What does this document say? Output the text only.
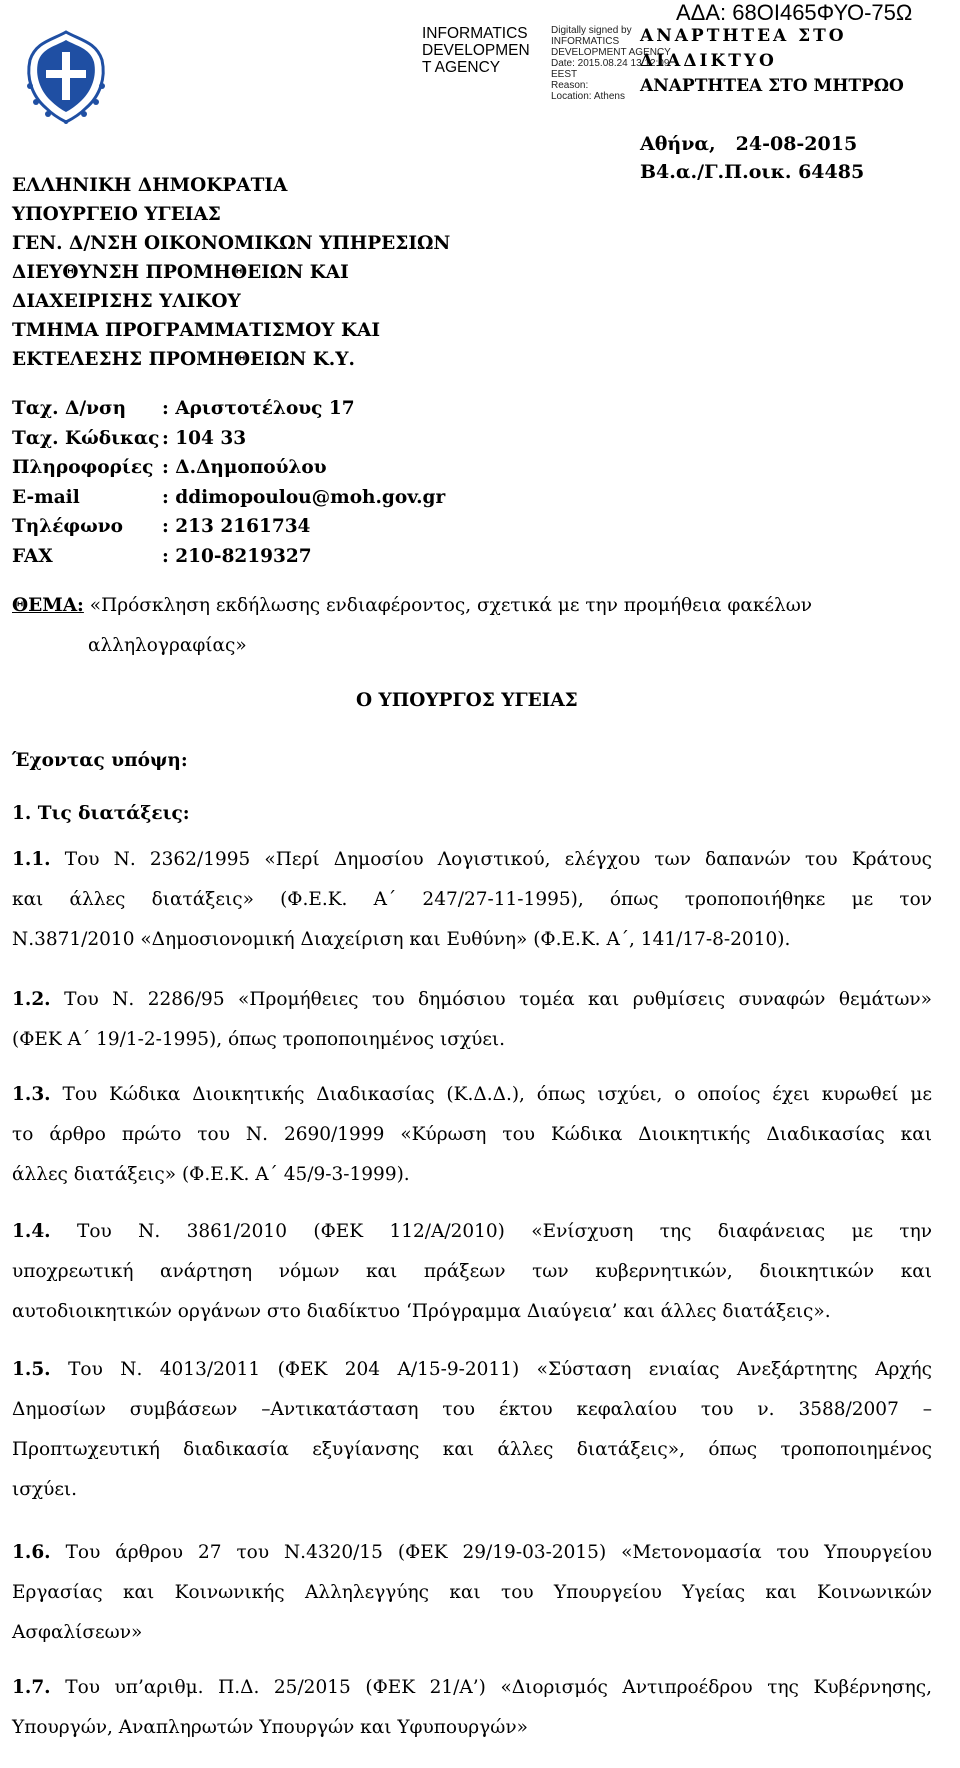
ΑΔΑ: 68ΟΙ465ΦΥΟ-75Ω
INFORMATICS
DEVELOPMEN
T AGENCY
Digitally signed by
INFORMATICS
DEVELOPMENT AGENCY
Date: 2015.08.24 13:12:09
EEST
Reason:
Location: Athens
ΑΝΑΡΤΗΤΕΑ ΣΤΟ
ΔΙΑΔΙΚΤΥΟ
ΑΝΑΡΤΗΤΕΑ ΣΤΟ ΜΗΤΡΩΟ
Αθήνα, 24-08-2015
Β4.α./Γ.Π.οικ. 64485
ΕΛΛΗΝΙΚΗ ΔΗΜΟΚΡΑΤΙΑ
ΥΠΟΥΡΓΕΙΟ ΥΓΕΙΑΣ
ΓΕΝ. Δ/ΝΣΗ ΟΙΚΟΝΟΜΙΚΩΝ ΥΠΗΡΕΣΙΩΝ
ΔΙΕΥΘΥΝΣΗ ΠΡΟΜΗΘΕΙΩΝ ΚΑΙ
ΔΙΑΧΕΙΡΙΣΗΣ ΥΛΙΚΟΥ
ΤΜΗΜΑ ΠΡΟΓΡΑΜΜΑΤΙΣΜΟΥ ΚΑΙ
ΕΚΤΕΛΕΣΗΣ ΠΡΟΜΗΘΕΙΩΝ Κ.Υ.
Ταχ. Δ/νση	: Αριστοτέλους 17
Ταχ. Κώδικας : 104 33
Πληροφορίες : Δ.Δημοπούλου
E-mail	: ddimopoulou@moh.gov.gr
Τηλέφωνο	: 213 2161734
FAX	: 210-8219327
ΘΕΜΑ: «Πρόσκληση εκδήλωσης ενδιαφέροντος, σχετικά με την προμήθεια φακέλων
αλληλογραφίας»
Ο ΥΠΟΥΡΓΟΣ ΥΓΕΙΑΣ
Έχοντας υπόψη:
1. Τις διατάξεις:
1.1. Του Ν. 2362/1995 «Περί Δημοσίου Λογιστικού, ελέγχου των δαπανών του Κράτους
και άλλες διατάξεις» (Φ.Ε.Κ. Α΄ 247/27-11-1995), όπως τροποποιήθηκε με τον
Ν.3871/2010 «Δημοσιονομική Διαχείριση και Ευθύνη» (Φ.Ε.Κ. Α΄, 141/17-8-2010).
1.2. Του Ν. 2286/95 «Προμήθειες του δημόσιου τομέα και ρυθμίσεις συναφών θεμάτων»
(ΦΕΚ Α΄ 19/1-2-1995), όπως τροποποιημένος ισχύει.
1.3. Του Κώδικα Διοικητικής Διαδικασίας (Κ.Δ.Δ.), όπως ισχύει, ο οποίος έχει κυρωθεί με
το άρθρο πρώτο του Ν. 2690/1999 «Κύρωση του Κώδικα Διοικητικής Διαδικασίας και
άλλες διατάξεις» (Φ.Ε.Κ. Α΄ 45/9-3-1999).
1.4. Του Ν. 3861/2010 (ΦΕΚ 112/Α/2010) «Ενίσχυση της διαφάνειας με την
υποχρεωτική ανάρτηση νόμων και πράξεων των κυβερνητικών, διοικητικών και
αυτοδιοικητικών οργάνων στο διαδίκτυο ‘Πρόγραμμα Διαύγεια’ και άλλες διατάξεις».
1.5. Του Ν. 4013/2011 (ΦΕΚ 204 Α/15-9-2011) «Σύσταση ενιαίας Ανεξάρτητης Αρχής
Δημοσίων συμβάσεων –Αντικατάσταση του έκτου κεφαλαίου του ν. 3588/2007 –
Προπτωχευτική διαδικασία εξυγίανσης και άλλες διατάξεις», όπως τροποποιημένος
ισχύει.
1.6. Του άρθρου 27 του Ν.4320/15 (ΦΕΚ 29/19-03-2015) «Μετονομασία του Υπουργείου
Εργασίας και Κοινωνικής Αλληλεγγύης και του Υπουργείου Υγείας και Κοινωνικών
Ασφαλίσεων»
1.7. Του υπ’αριθμ. Π.Δ. 25/2015 (ΦΕΚ 21/Α’) «Διορισμός Αντιπροέδρου της Κυβέρνησης,
Υπουργών, Αναπληρωτών Υπουργών και Υφυπουργών»
